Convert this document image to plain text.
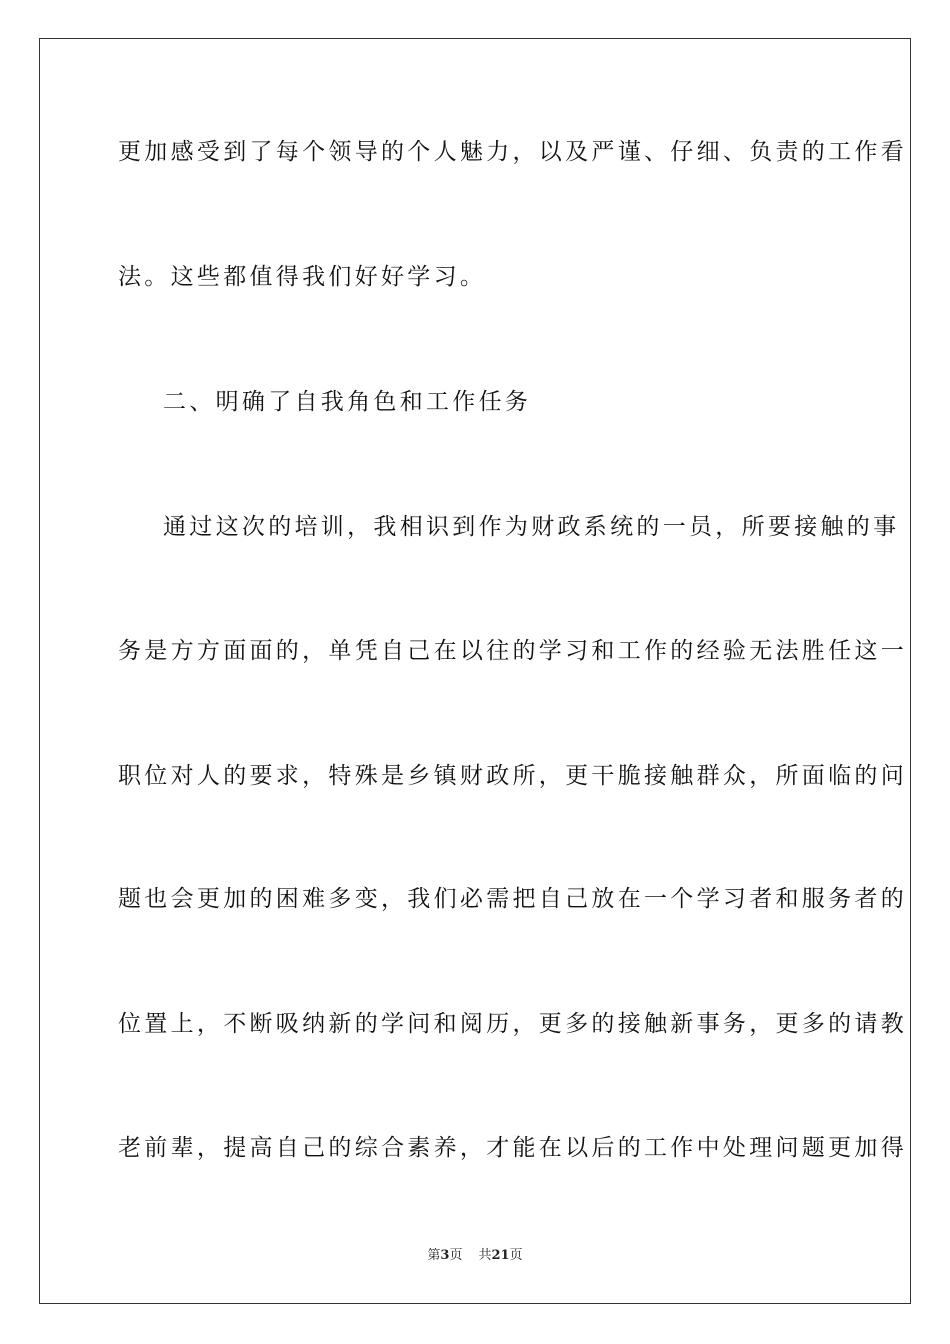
更加感受到了每个领导的个人魅力，以及严谨、仔细、负责的工作看
法。这些都值得我们好好学习。
二、明确了自我角色和工作任务
通过这次的培训，我相识到作为财政系统的一员，所要接触的事
务是方方面面的，单凭自己在以往的学习和工作的经验无法胜任这一
职位对人的要求，特殊是乡镇财政所，更干脆接触群众，所面临的问
题也会更加的困难多变，我们必需把自己放在一个学习者和服务者的
位置上，不断吸纳新的学问和阅历，更多的接触新事务，更多的请教
老前辈，提高自己的综合素养，才能在以后的工作中处理问题更加得
第3页 共21页
